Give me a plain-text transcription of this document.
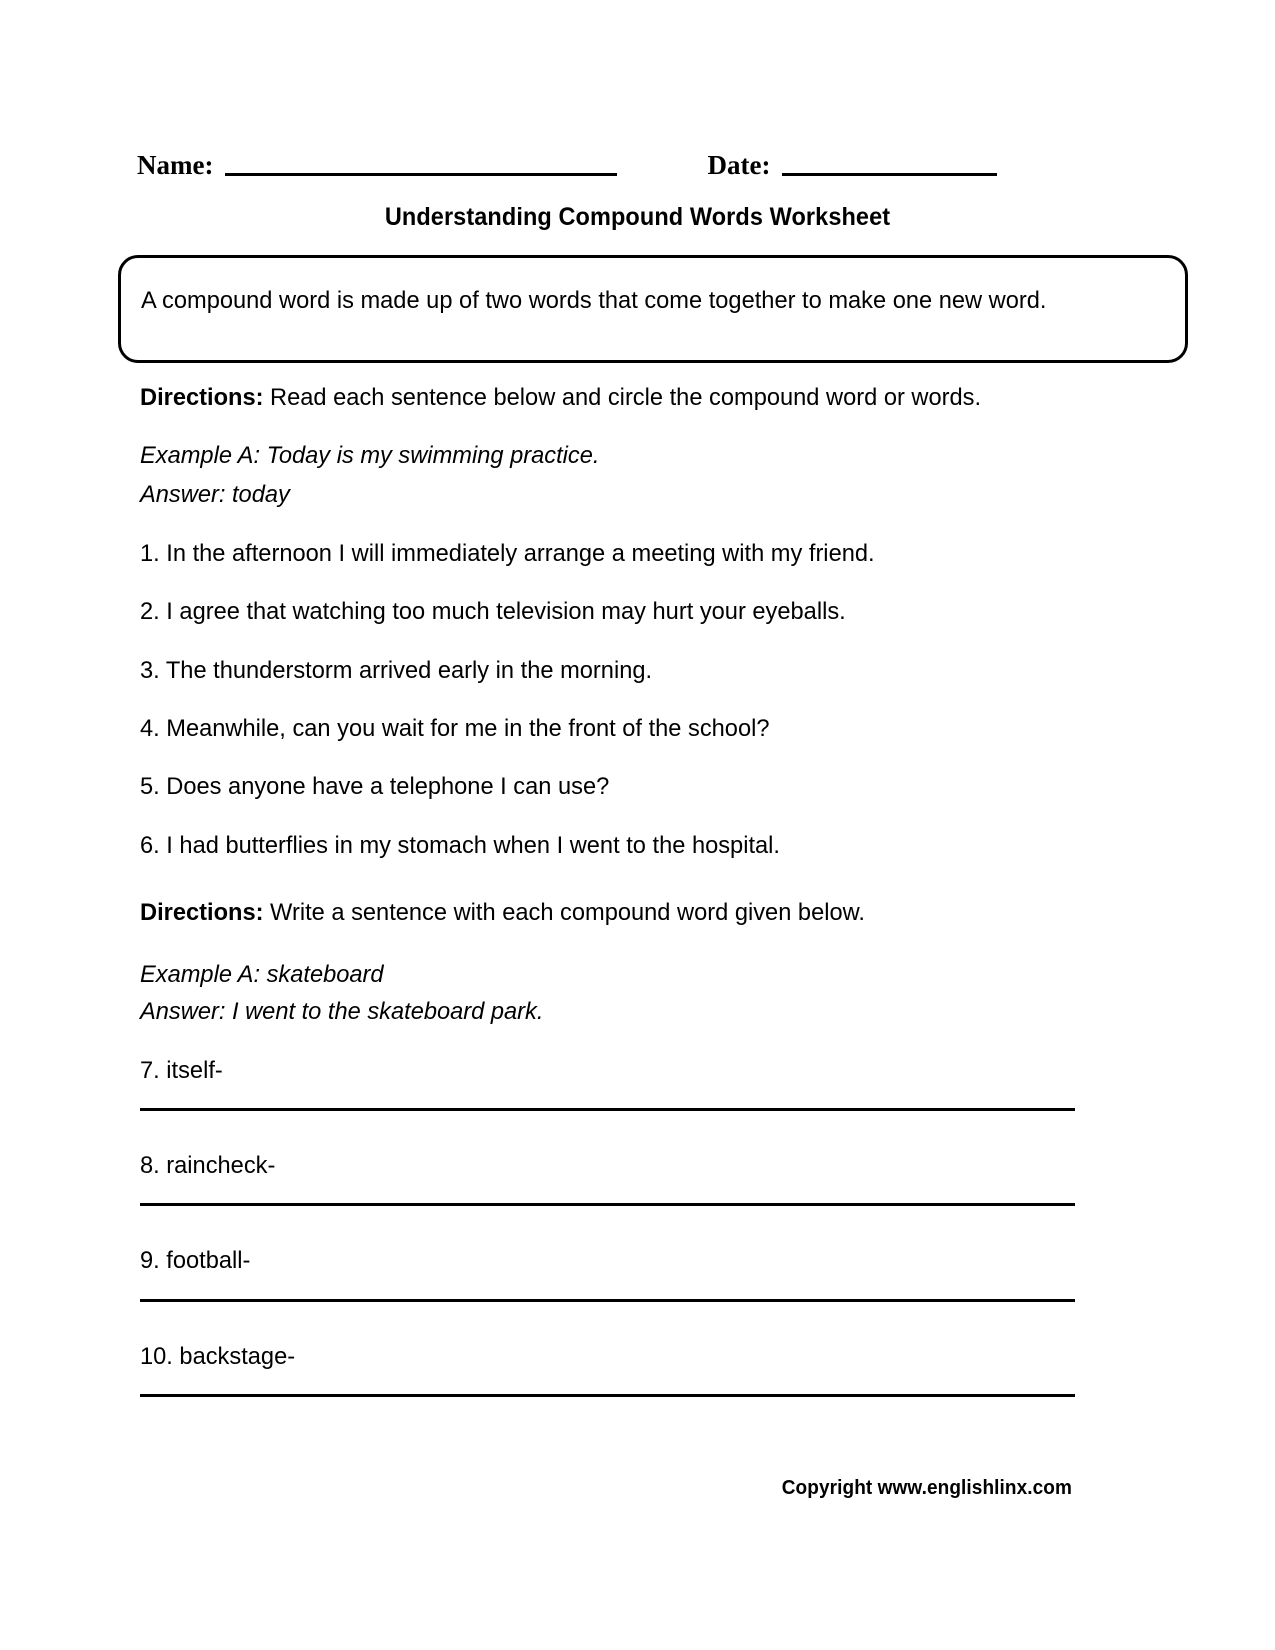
Name:	Date:
Understanding Compound Words Worksheet
A compound word is made up of two words that come together to make one new word.
Directions: Read each sentence below and circle the compound word or words.
Example A: Today is my swimming practice.
Answer: today
1. In the afternoon I will immediately arrange a meeting with my friend.
2. I agree that watching too much television may hurt your eyeballs.
3. The thunderstorm arrived early in the morning.
4. Meanwhile, can you wait for me in the front of the school?
5. Does anyone have a telephone I can use?
6. I had butterflies in my stomach when I went to the hospital.
Directions: Write a sentence with each compound word given below.
Example A: skateboard
Answer: I went to the skateboard park.
7. itself-
8. raincheck-
9. football-
10. backstage-
Copyright www.englishlinx.com
